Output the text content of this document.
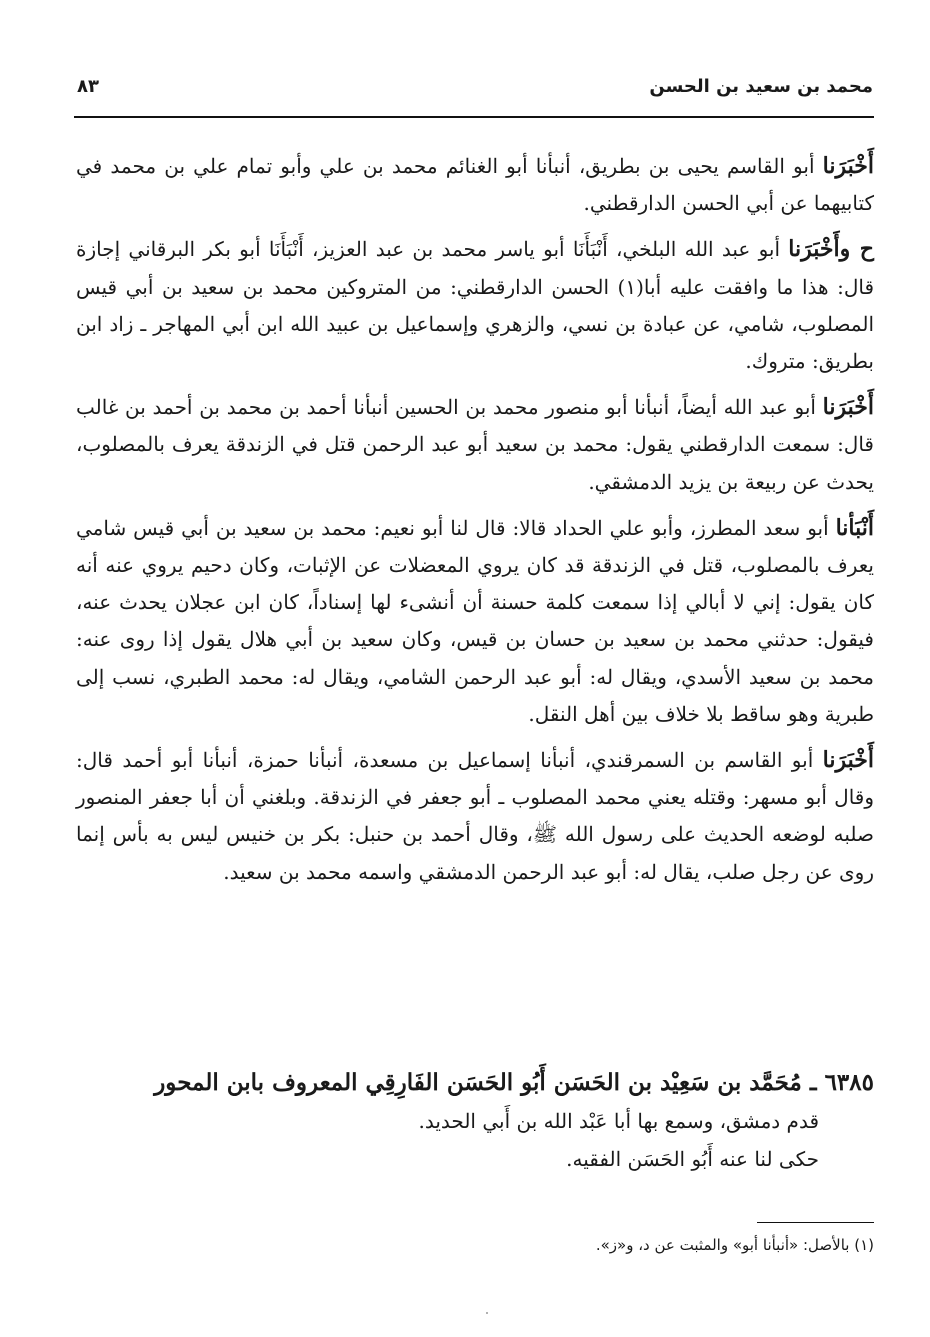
محمد بن سعيد بن الحسن
٨٣

أَخْبَرَنا أبو القاسم يحيى بن بطريق، أنبأنا أبو الغنائم محمد بن علي وأبو تمام علي بن محمد في كتابيهما عن أبي الحسن الدارقطني.

ح وأَخْبَرَنا أبو عبد الله البلخي، أَنْبَأَنَا أبو ياسر محمد بن عبد العزيز، أَنْبَأَنَا أبو بكر البرقاني إجازة قال: هذا ما وافقت عليه أبا(١) الحسن الدارقطني: من المتروكين محمد بن سعيد بن أبي قيس المصلوب، شامي، عن عبادة بن نسي، والزهري وإسماعيل بن عبيد الله ابن أبي المهاجر ـ زاد ابن بطريق: متروك.

أَخْبَرَنا أبو عبد الله أيضاً، أنبأنا أبو منصور محمد بن الحسين أنبأنا أحمد بن محمد بن أحمد بن غالب قال: سمعت الدارقطني يقول: محمد بن سعيد أبو عبد الرحمن قتل في الزندقة يعرف بالمصلوب، يحدث عن ربيعة بن يزيد الدمشقي.

أَنْبَأنا أبو سعد المطرز، وأبو علي الحداد قالا: قال لنا أبو نعيم: محمد بن سعيد بن أبي قيس شامي يعرف بالمصلوب، قتل في الزندقة قد كان يروي المعضلات عن الإثبات، وكان دحيم يروي عنه أنه كان يقول: إني لا أبالي إذا سمعت كلمة حسنة أن أنشىء لها إسناداً، كان ابن عجلان يحدث عنه، فيقول: حدثني محمد بن سعيد بن حسان بن قيس، وكان سعيد بن أبي هلال يقول إذا روى عنه: محمد بن سعيد الأسدي، ويقال له: أبو عبد الرحمن الشامي، ويقال له: محمد الطبري، نسب إلى طبرية وهو ساقط بلا خلاف بين أهل النقل.

أَخْبَرَنا أبو القاسم بن السمرقندي، أنبأنا إسماعيل بن مسعدة، أنبأنا حمزة، أنبأنا أبو أحمد قال: وقال أبو مسهر: وقتله يعني محمد المصلوب ـ أبو جعفر في الزندقة. وبلغني أن أبا جعفر المنصور صلبه لوضعه الحديث على رسول الله ﷺ، وقال أحمد بن حنبل: بكر بن خنيس ليس به بأس إنما روى عن رجل صلب، يقال له: أبو عبد الرحمن الدمشقي واسمه محمد بن سعيد.

٦٣٨٥ ـ مُحَمَّد بن سَعِيْد بن الحَسَن أَبُو الحَسَن الفَارِقِي المعروف بابن المحور

قدم دمشق، وسمع بها أبا عَبْد الله بن أَبي الحديد.

حكى لنا عنه أَبُو الحَسَن الفقيه.

(١) بالأصل: «أنبأنا أبو» والمثبت عن د، و«ز».
